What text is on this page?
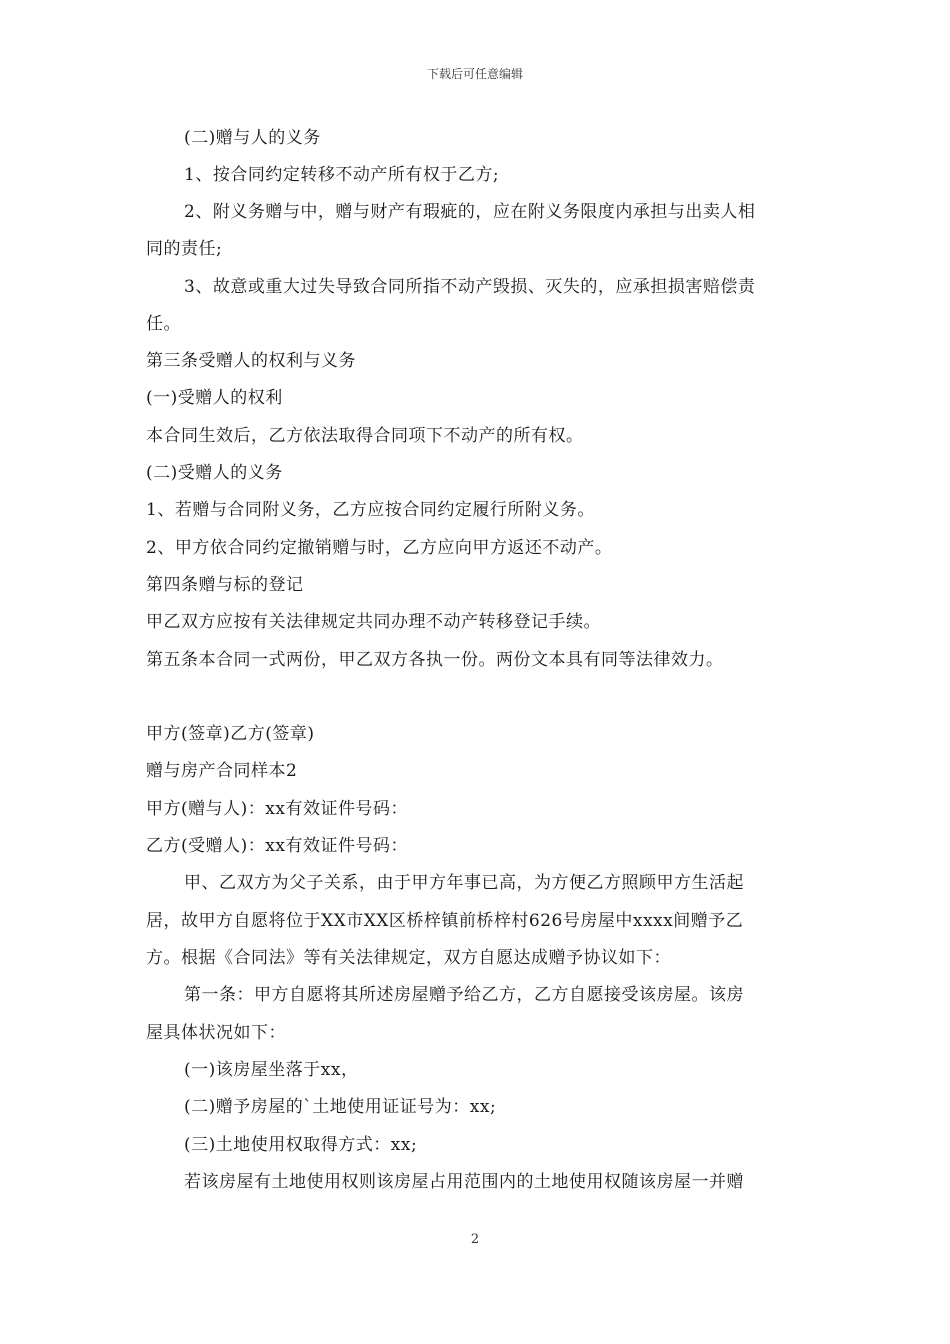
下载后可任意编辑
(二)赠与人的义务
1、按合同约定转移不动产所有权于乙方;
2、附义务赠与中，赠与财产有瑕疵的，应在附义务限度内承担与出卖人相
同的责任;
3、故意或重大过失导致合同所指不动产毁损、灭失的，应承担损害赔偿责
任。
第三条受赠人的权利与义务
(一)受赠人的权利
本合同生效后，乙方依法取得合同项下不动产的所有权。
(二)受赠人的义务
1、若赠与合同附义务，乙方应按合同约定履行所附义务。
2、甲方依合同约定撤销赠与时，乙方应向甲方返还不动产。
第四条赠与标的登记
甲乙双方应按有关法律规定共同办理不动产转移登记手续。
第五条本合同一式两份，甲乙双方各执一份。两份文本具有同等法律效力。
甲方(签章)乙方(签章)
赠与房产合同样本2
甲方(赠与人)：xx有效证件号码：
乙方(受赠人)：xx有效证件号码：
甲、乙双方为父子关系，由于甲方年事已高，为方便乙方照顾甲方生活起
居，故甲方自愿将位于XX市XX区桥梓镇前桥梓村626号房屋中xxxx间赠予乙
方。根据《合同法》等有关法律规定，双方自愿达成赠予协议如下：
第一条：甲方自愿将其所述房屋赠予给乙方，乙方自愿接受该房屋。该房
屋具体状况如下：
(一)该房屋坐落于xx，
(二)赠予房屋的`土地使用证证号为：xx;
(三)土地使用权取得方式：xx;
若该房屋有土地使用权则该房屋占用范围内的土地使用权随该房屋一并赠
2
